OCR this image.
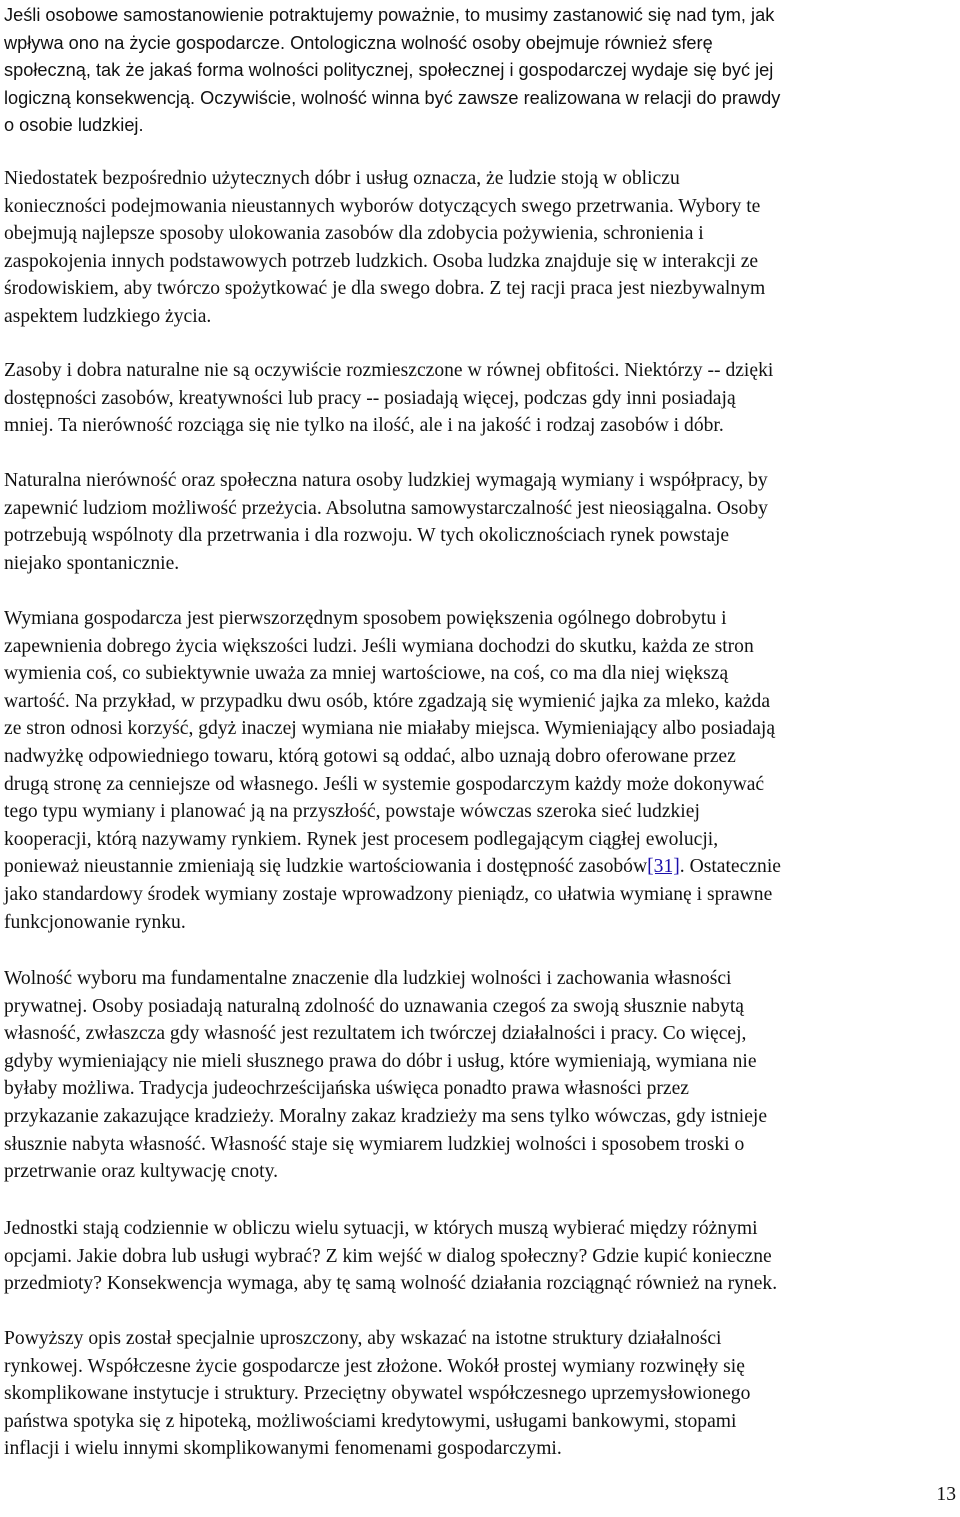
Jeśli osobowe samostanowienie potraktujemy poważnie, to musimy zastanowić się nad tym, jak
wpływa ono na życie gospodarcze. Ontologiczna wolność osoby obejmuje również sferę
społeczną, tak że jakaś forma wolności politycznej, społecznej i gospodarczej wydaje się być jej
logiczną konsekwencją. Oczywiście, wolność winna być zawsze realizowana w relacji do prawdy
o osobie ludzkiej.
Niedostatek bezpośrednio użytecznych dóbr i usług oznacza, że ludzie stoją w obliczu
konieczności podejmowania nieustannych wyborów dotyczących swego przetrwania. Wybory te
obejmują najlepsze sposoby ulokowania zasobów dla zdobycia pożywienia, schronienia i
zaspokojenia innych podstawowych potrzeb ludzkich. Osoba ludzka znajduje się w interakcji ze
środowiskiem, aby twórczo spożytkować je dla swego dobra. Z tej racji praca jest niezbywalnym
aspektem ludzkiego życia.
Zasoby i dobra naturalne nie są oczywiście rozmieszczone w równej obfitości. Niektórzy -- dzięki
dostępności zasobów, kreatywności lub pracy -- posiadają więcej, podczas gdy inni posiadają
mniej. Ta nierówność rozciąga się nie tylko na ilość, ale i na jakość i rodzaj zasobów i dóbr.
Naturalna nierówność oraz społeczna natura osoby ludzkiej wymagają wymiany i współpracy, by
zapewnić ludziom możliwość przeżycia. Absolutna samowystarczalność jest nieosiągalna. Osoby
potrzebują wspólnoty dla przetrwania i dla rozwoju. W tych okolicznościach rynek powstaje
niejako spontanicznie.
Wymiana gospodarcza jest pierwszorzędnym sposobem powiększenia ogólnego dobrobytu i
zapewnienia dobrego życia większości ludzi. Jeśli wymiana dochodzi do skutku, każda ze stron
wymienia coś, co subiektywnie uważa za mniej wartościowe, na coś, co ma dla niej większą
wartość. Na przykład, w przypadku dwu osób, które zgadzają się wymienić jajka za mleko, każda
ze stron odnosi korzyść, gdyż inaczej wymiana nie miałaby miejsca. Wymieniający albo posiadają
nadwyżkę odpowiedniego towaru, którą gotowi są oddać, albo uznają dobro oferowane przez
drugą stronę za cenniejsze od własnego. Jeśli w systemie gospodarczym każdy może dokonywać
tego typu wymiany i planować ją na przyszłość, powstaje wówczas szeroka sieć ludzkiej
kooperacji, którą nazywamy rynkiem. Rynek jest procesem podlegającym ciągłej ewolucji,
ponieważ nieustannie zmieniają się ludzkie wartościowania i dostępność zasobów[31]. Ostatecznie
jako standardowy środek wymiany zostaje wprowadzony pieniądz, co ułatwia wymianę i sprawne
funkcjonowanie rynku.
Wolność wyboru ma fundamentalne znaczenie dla ludzkiej wolności i zachowania własności
prywatnej. Osoby posiadają naturalną zdolność do uznawania czegoś za swoją słusznie nabytą
własność, zwłaszcza gdy własność jest rezultatem ich twórczej działalności i pracy. Co więcej,
gdyby wymieniający nie mieli słusznego prawa do dóbr i usług, które wymieniają, wymiana nie
byłaby możliwa. Tradycja judeochrześcijańska uświęca ponadto prawa własności przez
przykazanie zakazujące kradzieży. Moralny zakaz kradzieży ma sens tylko wówczas, gdy istnieje
słusznie nabyta własność. Własność staje się wymiarem ludzkiej wolności i sposobem troski o
przetrwanie oraz kultywację cnoty.
Jednostki stają codziennie w obliczu wielu sytuacji, w których muszą wybierać między różnymi
opcjami. Jakie dobra lub usługi wybrać? Z kim wejść w dialog społeczny? Gdzie kupić konieczne
przedmioty? Konsekwencja wymaga, aby tę samą wolność działania rozciągnąć również na rynek.
Powyższy opis został specjalnie uproszczony, aby wskazać na istotne struktury działalności
rynkowej. Współczesne życie gospodarcze jest złożone. Wokół prostej wymiany rozwinęły się
skomplikowane instytucje i struktury. Przeciętny obywatel współczesnego uprzemysłowionego
państwa spotyka się z hipoteką, możliwościami kredytowymi, usługami bankowymi, stopami
inflacji i wielu innymi skomplikowanymi fenomenami gospodarczymi.
13
